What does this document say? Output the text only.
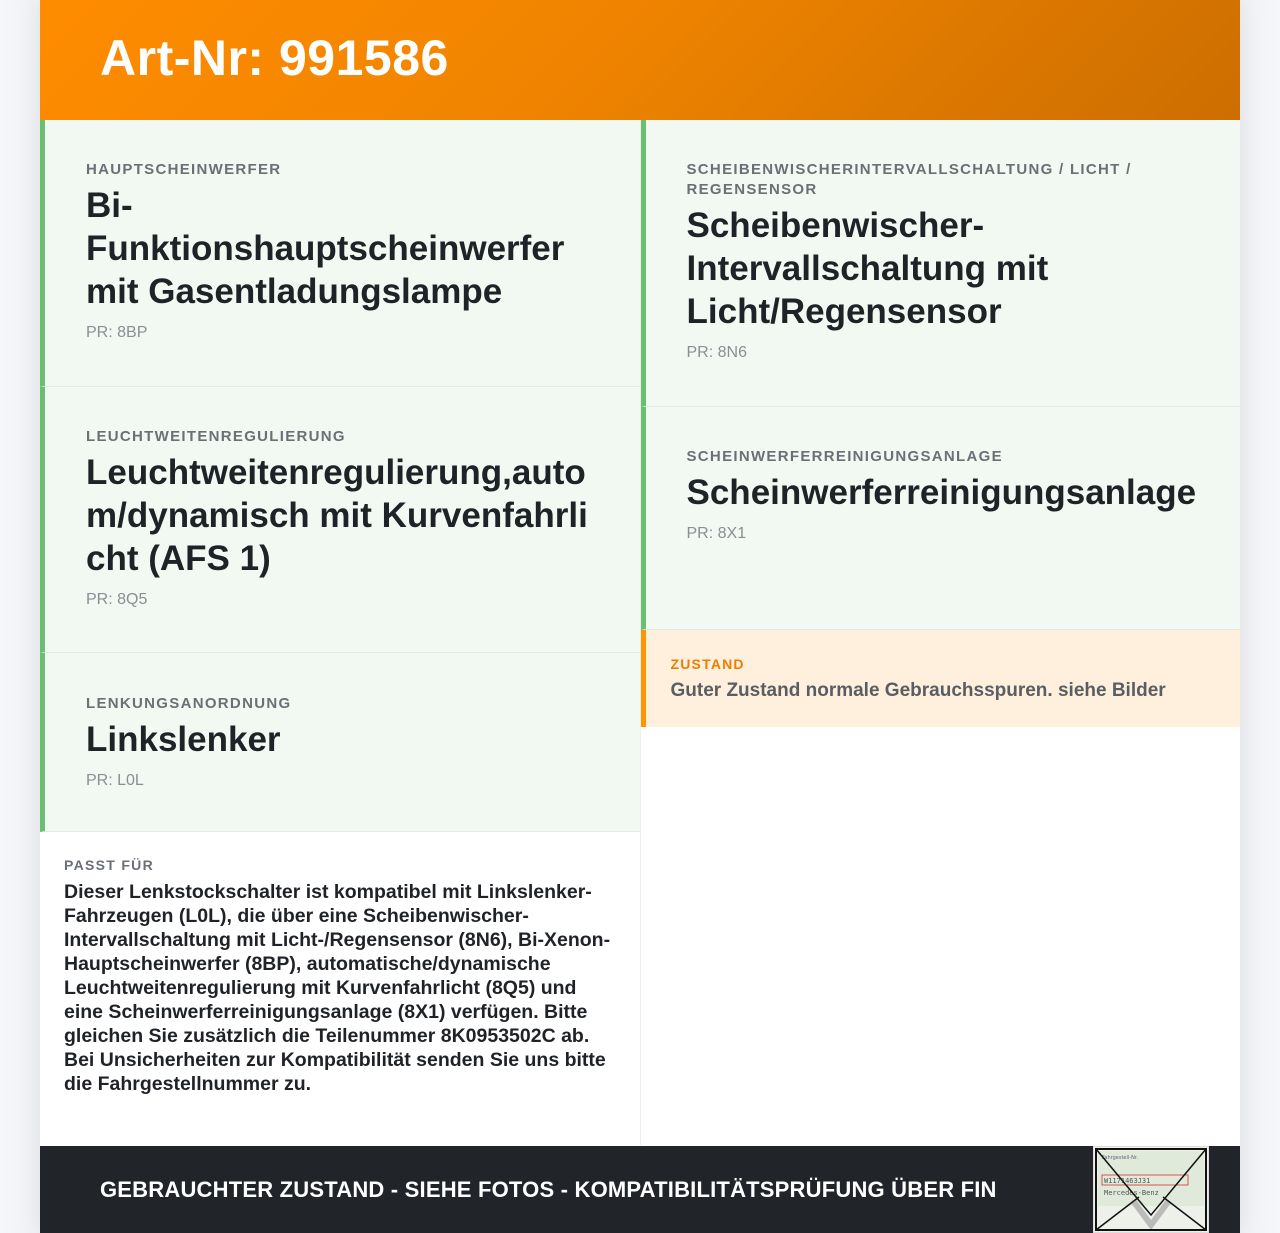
Art-Nr: 991586
HAUPTSCHEINWERFER
Bi-
Funktionshauptscheinwerfer mit Gasentladungslampe
PR: 8BP
LEUCHTWEITENREGULIERUNG
Leuchtweitenregulierung,autom/dynamisch mit Kurvenfahrlicht (AFS 1)
PR: 8Q5
LENKUNGSANORDNUNG
Linkslenker
PR: L0L
PASST FÜR
Dieser Lenkstockschalter ist kompatibel mit Linkslenker-Fahrzeugen (L0L), die über eine Scheibenwischer-Intervallschaltung mit Licht-/Regensensor (8N6), Bi-Xenon-Hauptscheinwerfer (8BP), automatische/dynamische Leuchtweitenregulierung mit Kurvenfahrlicht (8Q5) und eine Scheinwerferreinigungsanlage (8X1) verfügen. Bitte gleichen Sie zusätzlich die Teilenummer 8K0953502C ab. Bei Unsicherheiten zur Kompatibilität senden Sie uns bitte die Fahrgestellnummer zu.
SCHEIBENWISCHERINTERVALLSCHALTUNG / LICHT / REGENSENSOR
Scheibenwischer-Intervallschaltung mit Licht/Regensensor
PR: 8N6
SCHEINWERFERREINIGUNGSANLAGE
Scheinwerferreinigungsanlage
PR: 8X1
ZUSTAND
Guter Zustand normale Gebrauchsspuren. siehe Bilder
GEBRAUCHTER ZUSTAND - SIEHE FOTOS - KOMPATIBILITÄTSPRÜFUNG ÜBER FIN
Fahrgestell-Nr.
W1171463J31
Mercedes-Benz
